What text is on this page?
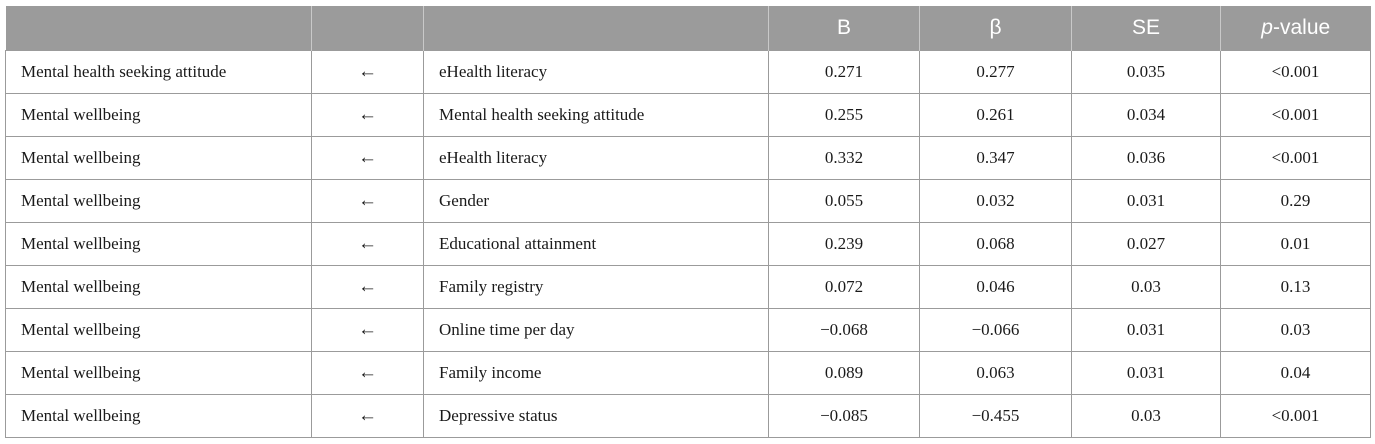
			B	β	SE	p-value
Mental health seeking attitude	←	eHealth literacy	0.271	0.277	0.035	<0.001
Mental wellbeing	←	Mental health seeking attitude	0.255	0.261	0.034	<0.001
Mental wellbeing	←	eHealth literacy	0.332	0.347	0.036	<0.001
Mental wellbeing	←	Gender	0.055	0.032	0.031	0.29
Mental wellbeing	←	Educational attainment	0.239	0.068	0.027	0.01
Mental wellbeing	←	Family registry	0.072	0.046	0.03	0.13
Mental wellbeing	←	Online time per day	−0.068	−0.066	0.031	0.03
Mental wellbeing	←	Family income	0.089	0.063	0.031	0.04
Mental wellbeing	←	Depressive status	−0.085	−0.455	0.03	<0.001
